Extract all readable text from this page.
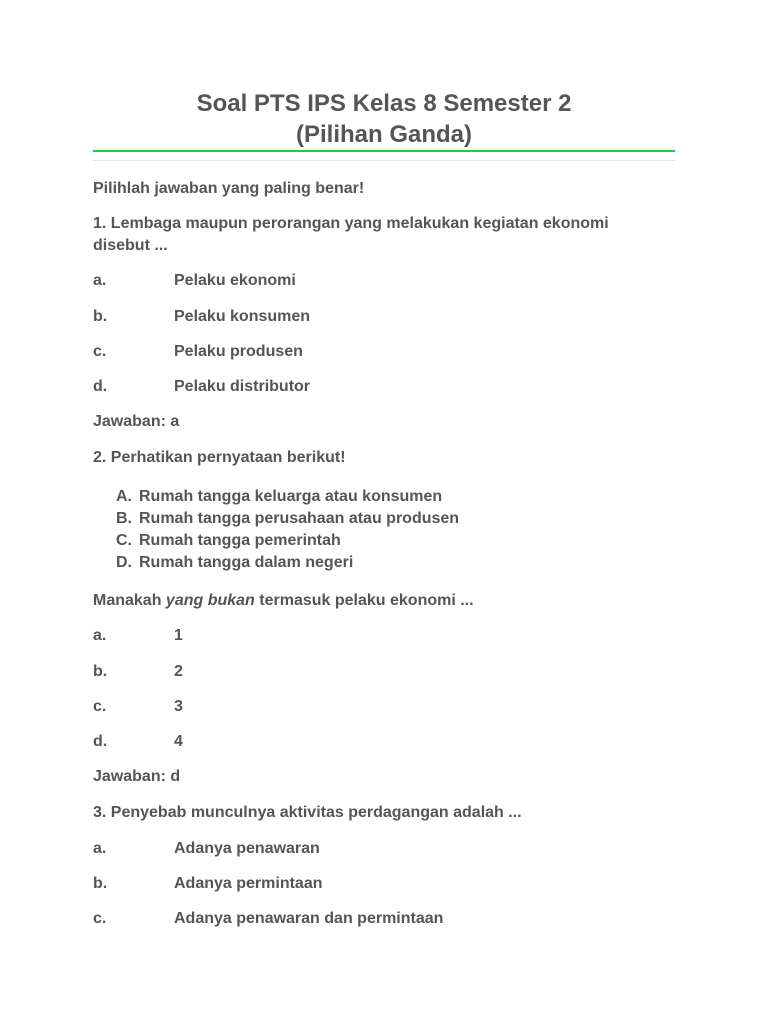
Soal PTS IPS Kelas 8 Semester 2
(Pilihan Ganda)
Pilihlah jawaban yang paling benar!
1. Lembaga maupun perorangan yang melakukan kegiatan ekonomi disebut ...
a.	Pelaku ekonomi
b.	Pelaku konsumen
c.	Pelaku produsen
d.	Pelaku distributor
Jawaban: a
2. Perhatikan pernyataan berikut!
A. Rumah tangga keluarga atau konsumen
B. Rumah tangga perusahaan atau produsen
C. Rumah tangga pemerintah
D. Rumah tangga dalam negeri
Manakah yang bukan termasuk pelaku ekonomi ...
a.	1
b.	2
c.	3
d.	4
Jawaban: d
3. Penyebab munculnya aktivitas perdagangan adalah ...
a.	Adanya penawaran
b.	Adanya permintaan
c.	Adanya penawaran dan permintaan
